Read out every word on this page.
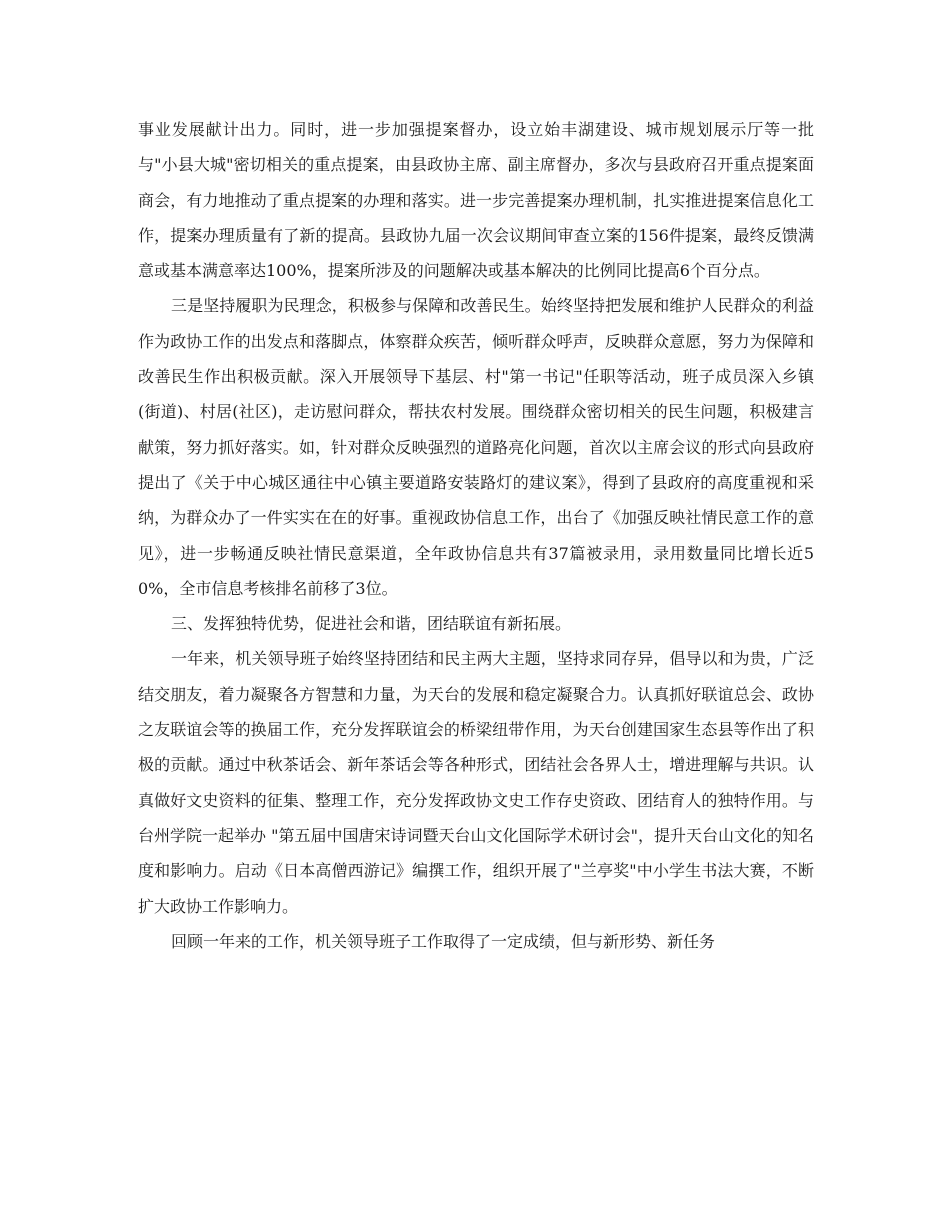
事业发展献计出力。同时，进一步加强提案督办，设立始丰湖建设、城市规划展示厅等一批与"小县大城"密切相关的重点提案，由县政协主席、副主席督办，多次与县政府召开重点提案面商会，有力地推动了重点提案的办理和落实。进一步完善提案办理机制，扎实推进提案信息化工作，提案办理质量有了新的提高。县政协九届一次会议期间审查立案的156件提案，最终反馈满意或基本满意率达100%，提案所涉及的问题解决或基本解决的比例同比提高6个百分点。

三是坚持履职为民理念，积极参与保障和改善民生。始终坚持把发展和维护人民群众的利益作为政协工作的出发点和落脚点，体察群众疾苦，倾听群众呼声，反映群众意愿，努力为保障和改善民生作出积极贡献。深入开展领导下基层、村"第一书记"任职等活动，班子成员深入乡镇(街道)、村居(社区)，走访慰问群众，帮扶农村发展。围绕群众密切相关的民生问题，积极建言献策，努力抓好落实。如，针对群众反映强烈的道路亮化问题，首次以主席会议的形式向县政府提出了《关于中心城区通往中心镇主要道路安装路灯的建议案》，得到了县政府的高度重视和采纳，为群众办了一件实实在在的好事。重视政协信息工作，出台了《加强反映社情民意工作的意见》，进一步畅通反映社情民意渠道，全年政协信息共有37篇被录用，录用数量同比增长近50%，全市信息考核排名前移了3位。

三、发挥独特优势，促进社会和谐，团结联谊有新拓展。

一年来，机关领导班子始终坚持团结和民主两大主题，坚持求同存异，倡导以和为贵，广泛结交朋友，着力凝聚各方智慧和力量，为天台的发展和稳定凝聚合力。认真抓好联谊总会、政协之友联谊会等的换届工作，充分发挥联谊会的桥梁纽带作用，为天台创建国家生态县等作出了积极的贡献。通过中秋茶话会、新年茶话会等各种形式，团结社会各界人士，增进理解与共识。认真做好文史资料的征集、整理工作，充分发挥政协文史工作存史资政、团结育人的独特作用。与台州学院一起举办 "第五届中国唐宋诗词暨天台山文化国际学术研讨会"，提升天台山文化的知名度和影响力。启动《日本高僧西游记》编撰工作，组织开展了"兰亭奖"中小学生书法大赛，不断扩大政协工作影响力。

回顾一年来的工作，机关领导班子工作取得了一定成绩，但与新形势、新任务
